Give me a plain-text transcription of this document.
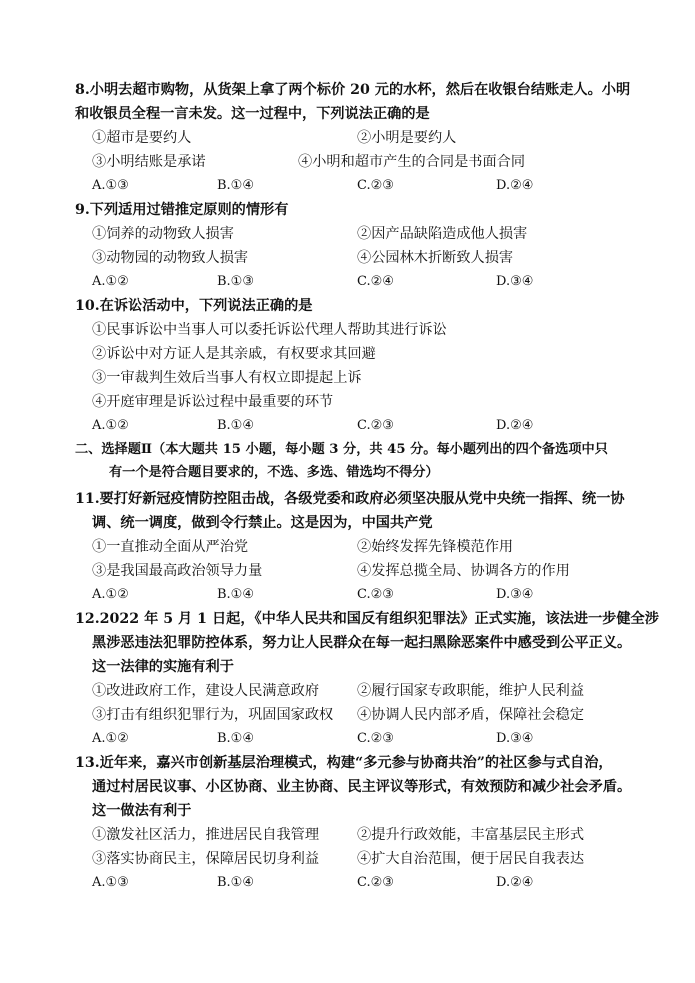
8.小明去超市购物，从货架上拿了两个标价 20 元的水杯，然后在收银台结账走人。小明
和收银员全程一言未发。这一过程中，下列说法正确的是
①超市是要约人	②小明是要约人
③小明结账是承诺	④小明和超市产生的合同是书面合同
A.①③	B.①④	C.②③	D.②④
9.下列适用过错推定原则的情形有
①饲养的动物致人损害	②因产品缺陷造成他人损害
③动物园的动物致人损害	④公园林木折断致人损害
A.①②	B.①③	C.②④	D.③④
10.在诉讼活动中，下列说法正确的是
①民事诉讼中当事人可以委托诉讼代理人帮助其进行诉讼
②诉讼中对方证人是其亲戚，有权要求其回避
③一审裁判生效后当事人有权立即提起上诉
④开庭审理是诉讼过程中最重要的环节
A.①②	B.①④	C.②③	D.②④
二、选择题Ⅱ（本大题共 15 小题，每小题 3 分，共 45 分。每小题列出的四个备选项中只
有一个是符合题目要求的，不选、多选、错选均不得分）
11.要打好新冠疫情防控阻击战，各级党委和政府必须坚决服从党中央统一指挥、统一协
调、统一调度，做到令行禁止。这是因为，中国共产党
①一直推动全面从严治党	②始终发挥先锋模范作用
③是我国最高政治领导力量	④发挥总揽全局、协调各方的作用
A.①②	B.①④	C.②③	D.③④
12.2022 年 5 月 1 日起，《中华人民共和国反有组织犯罪法》正式实施，该法进一步健全涉
黑涉恶违法犯罪防控体系，努力让人民群众在每一起扫黑除恶案件中感受到公平正义。
这一法律的实施有利于
①改进政府工作，建设人民满意政府	②履行国家专政职能，维护人民利益
③打击有组织犯罪行为，巩固国家政权 ④协调人民内部矛盾，保障社会稳定
A.①②	B.①④	C.②③	D.③④
13.近年来，嘉兴市创新基层治理模式，构建“多元参与协商共治”的社区参与式自治，
通过村居民议事、小区协商、业主协商、民主评议等形式，有效预防和减少社会矛盾。
这一做法有利于
①激发社区活力，推进居民自我管理	②提升行政效能，丰富基层民主形式
③落实协商民主，保障居民切身利益	④扩大自治范围，便于居民自我表达
A.①③	B.①④	C.②③	D.②④
